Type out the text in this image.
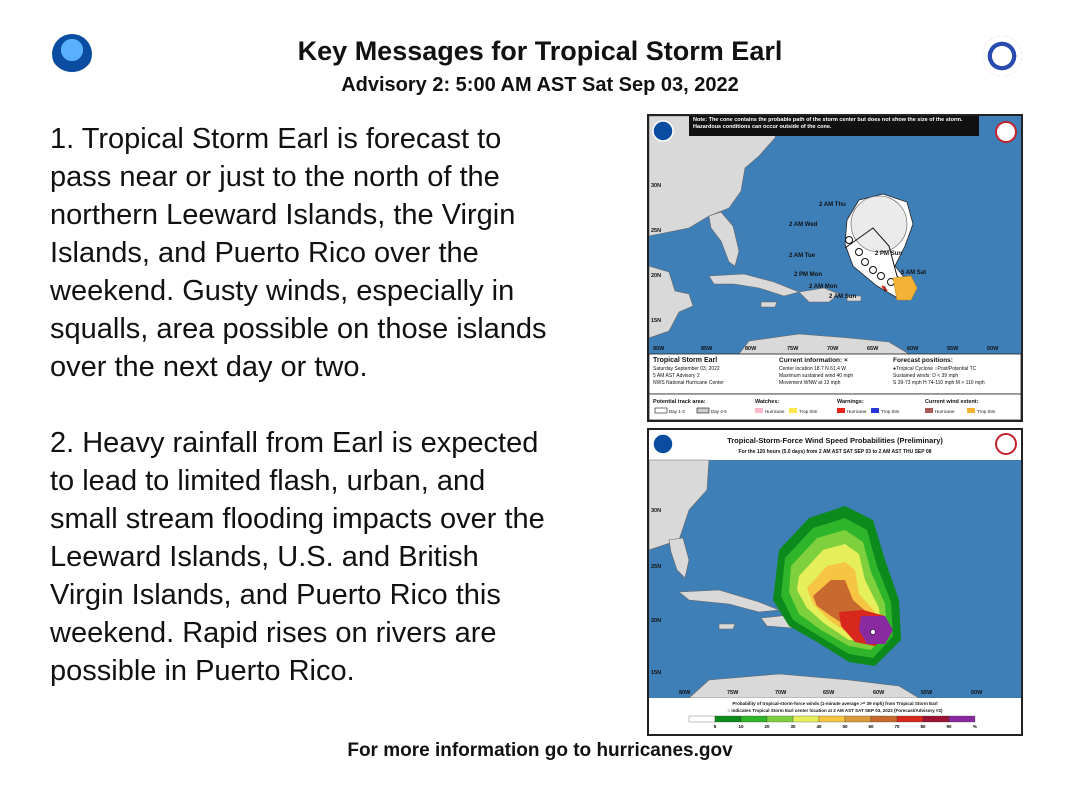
Key Messages for Tropical Storm Earl
Advisory 2: 5:00 AM AST Sat Sep 03, 2022
1. Tropical Storm Earl is forecast to
pass near or just to the north of the
northern Leeward Islands, the Virgin
Islands, and Puerto Rico over the
weekend. Gusty winds, especially in
squalls, area possible on those islands
over the next day or two.
2. Heavy rainfall from Earl is expected
to lead to limited flash, urban, and
small stream flooding impacts over the
Leeward Islands, U.S. and British
Virgin Islands, and Puerto Rico this
weekend. Rapid rises on rivers are
possible in Puerto Rico.
Note: The cone contains the probable path of the storm center but does not show the size of the storm. Hazardous conditions can occur outside of the cone.
2 AM Thu
2 AM Wed
2 AM Tue	2 PM Sun
2 PM Mon
2 AM Mon
5 AM Sat
2 AM Sun
30N
25N
20N
15N
90W	85W	80W	75W	70W	65W	60W	55W	50W
Tropical Storm Earl
Saturday September 03, 2022
5 AM AST Advisory 2
NWS National Hurricane Center
Current information: ×
Center location 18.7 N 61.4 W
Maximum sustained wind 40 mph
Movement WNW at 13 mph
Forecast positions:
●Tropical Cyclone ○Post/Potential TC
Sustained winds: D < 39 mph
S 39-73 mph H 74-110 mph M > 110 mph
Potential track area:
Day 1-3	Day 4-5
Watches:
Hurricane	Trop Stm
Warnings:
Hurricane	Trop Stm
Current wind extent:
Hurricane	Trop Stm
Tropical-Storm-Force Wind Speed Probabilities (Preliminary)
For the 120 hours (5.0 days) from 2 AM AST SAT SEP 03 to 2 AM AST THU SEP 08
30N
25N
20N
15N
80W	75W	70W	65W	60W	55W	50W
Probability of tropical-storm-force winds (1-minute average >= 39 mph) from Tropical Storm Earl
○ indicates Tropical Storm Earl center location at 2 AM AST SAT SEP 03, 2022 (Forecast/Advisory #2)
5	10	20	30	40	50	60	70	80	90	%
For more information go to hurricanes.gov
